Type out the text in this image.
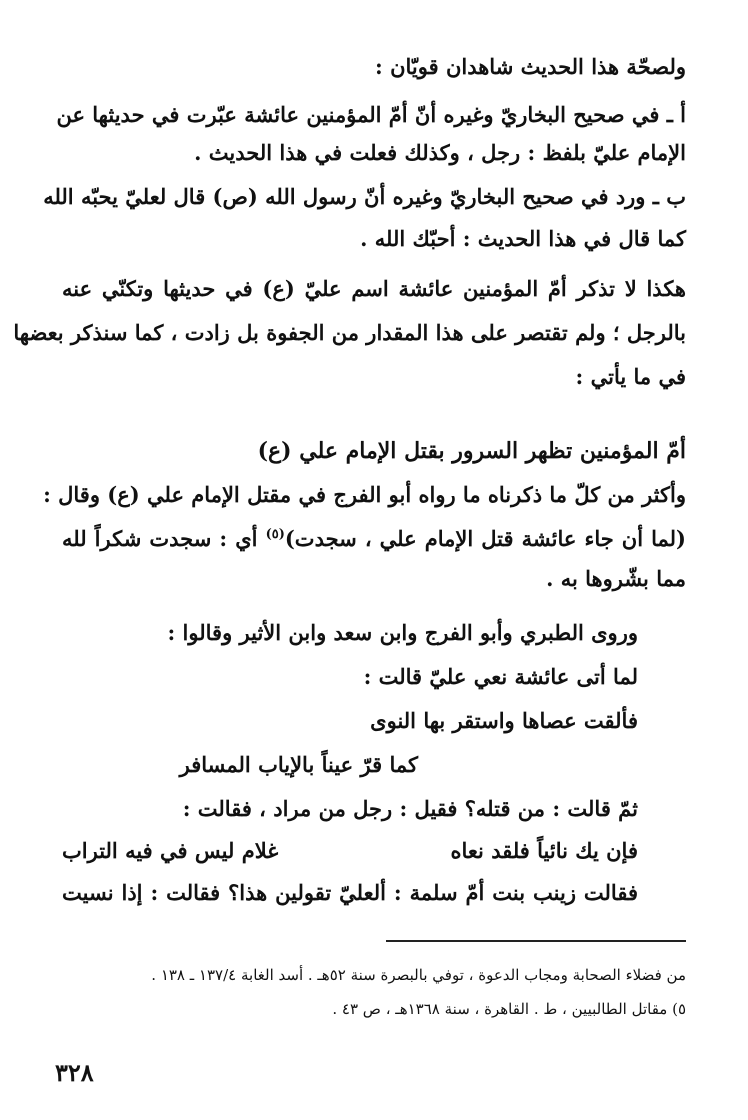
ولصحّة هذا الحديث شاهدان قويّان :
أ ـ في صحيح البخاريّ وغيره أنّ أمّ المؤمنين عائشة عبّرت في حديثها عن
الإمام عليّ بلفظ : رجل ، وكذلك فعلت في هذا الحديث .
ب ـ ورد في صحيح البخاريّ وغيره أنّ رسول الله (ص) قال لعليّ يحبّه الله
كما قال في هذا الحديث : أحبّك الله .
هكذا لا تذكر أمّ المؤمنين عائشة اسم عليّ (ع) في حديثها وتكنّي عنه
بالرجل ؛ ولم تقتصر على هذا المقدار من الجفوة بل زادت ، كما سنذكر بعضها
في ما يأتي :
أمّ المؤمنين تظهر السرور بقتل الإمام علي (ع)
وأكثر من كلّ ما ذكرناه ما رواه أبو الفرج في مقتل الإمام علي (ع) وقال :
(لما أن جاء عائشة قتل الإمام علي ، سجدت)$^{(٥)}$ أي : سجدت شكراً لله
مما بشّروها به .
وروى الطبري وأبو الفرج وابن سعد وابن الأثير وقالوا :
لما أتى عائشة نعي عليّ قالت :
فألقت عصاها واستقر بها النوى
كما قرّ عيناً بالإياب المسافر
ثمّ قالت : من قتله؟ فقيل : رجل من مراد ، فقالت :
فإن يك نائياً فلقد نعاه
غلام ليس في فيه التراب
فقالت زينب بنت أمّ سلمة : ألعليّ تقولين هذا؟ فقالت : إذا نسيت
من فضلاء الصحابة ومجاب الدعوة ، توفي بالبصرة سنة ٥٢هـ . أسد الغابة ١٣٧/٤ ـ ١٣٨ .
٥) مقاتل الطالبيين ، ط . القاهرة ، سنة ١٣٦٨هـ ، ص ٤٣ .
٣٢٨
